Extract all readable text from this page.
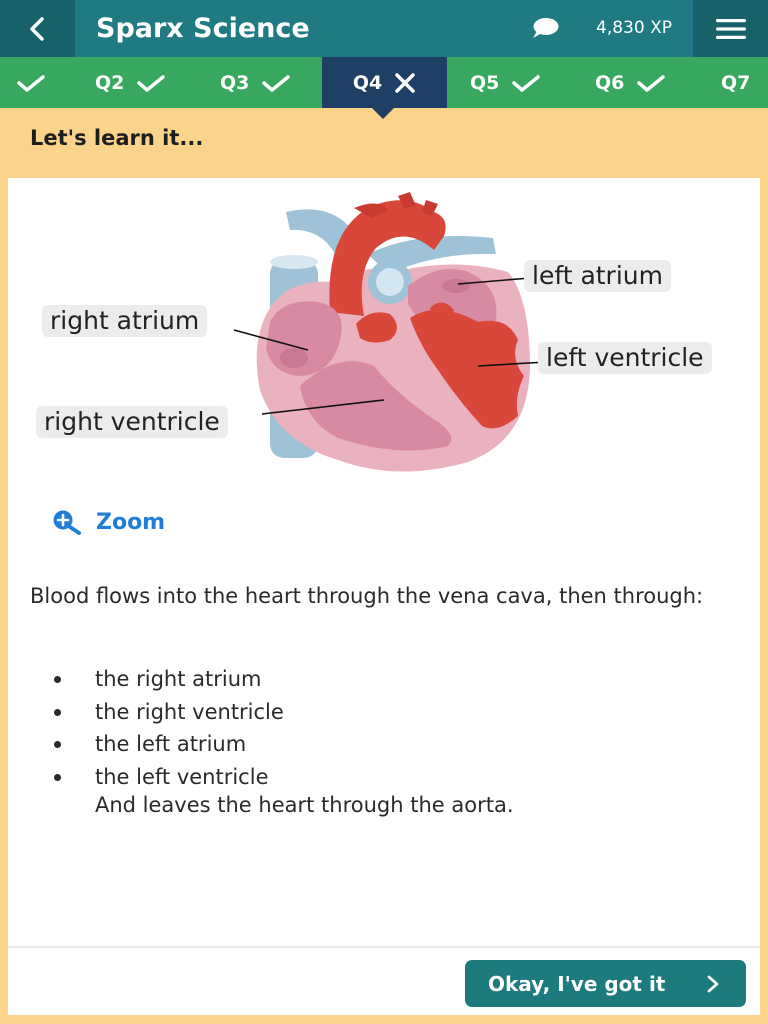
Sparx Science	4,830 XP
Q2	Q3	Q4	Q5	Q6	Q7
Let's learn it...
left atrium
right atrium
left ventricle
right ventricle
Zoom

Blood flows into the heart through the vena cava, then through:

the right atrium
the right ventricle
the left atrium
the left ventricle
And leaves the heart through the aorta.
Okay, I've got it
